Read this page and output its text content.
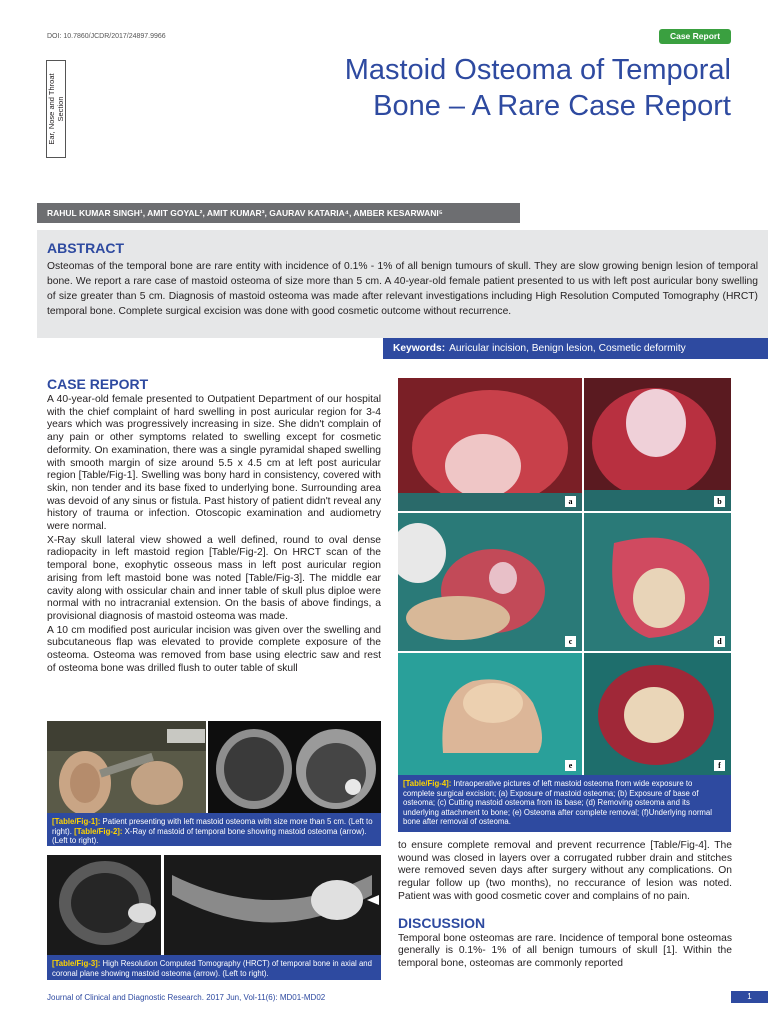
DOI: 10.7860/JCDR/2017/24897.9966	Case Report
Ear, Nose and Throat Section
Mastoid Osteoma of Temporal
Bone – A Rare Case Report
RAHUL KUMAR SINGH¹, AMIT GOYAL², AMIT KUMAR³, GAURAV KATARIA⁴, AMBER KESARWANI⁵
ABSTRACT
Osteomas of the temporal bone are rare entity with incidence of 0.1% - 1% of all benign tumours of skull. They are slow growing benign lesion of temporal bone. We report a rare case of mastoid osteoma of size more than 5 cm. A 40-year-old female patient presented to us with left post auricular bony swelling of size greater than 5 cm. Diagnosis of mastoid osteoma was made after relevant investigations including High Resolution Computed Tomography (HRCT) temporal bone. Complete surgical excision was done with good cosmetic outcome without recurrence.
Keywords: Auricular incision, Benign lesion, Cosmetic deformity
CASE REPORT

A 40-year-old female presented to Outpatient Department of our hospital with the chief complaint of hard swelling in post auricular region for 3-4 years which was progressively increasing in size. She didn't complain of any pain or other symptoms related to swelling except for cosmetic deformity. On examination, there was a single pyramidal shaped swelling with smooth margin of size around 5.5 x 4.5 cm at left post auricular region [Table/Fig-1]. Swelling was bony hard in consistency, covered with skin, non tender and its base fixed to underlying bone. Surrounding area was devoid of any sinus or fistula. Past history of patient didn't reveal any history of trauma or infection. Otoscopic examination and audiometry were normal.

X-Ray skull lateral view showed a well defined, round to oval dense radiopacity in left mastoid region [Table/Fig-2]. On HRCT scan of the temporal bone, exophytic osseous mass in left post auricular region arising from left mastoid bone was noted [Table/Fig-3]. The middle ear cavity along with ossicular chain and inner table of skull plus diploe were normal with no intracranial extension. On the basis of above findings, a provisional diagnosis of mastoid osteoma was made.

A 10 cm modified post auricular incision was given over the swelling and subcutaneous flap was elevated to provide complete exposure of the osteoma. Osteoma was removed from base using electric saw and rest of osteoma bone was drilled flush to outer table of skull

[Table/Fig-1]: Patient presenting with left mastoid osteoma with size more than 5 cm. (Left to right). [Table/Fig-2]: X-Ray of mastoid of temporal bone showing mastoid osteoma (arrow). (Left to right).
[Table/Fig-3]: High Resolution Computed Tomography (HRCT) of temporal bone in axial and coronal plane showing mastoid osteoma (arrow). (Left to right).
a	b
c	d
e	f
[Table/Fig-4]: Intraoperative pictures of left mastoid osteoma from wide exposure to complete surgical excision; (a) Exposure of mastoid osteoma; (b) Exposure of base of osteoma; (c) Cutting mastoid osteoma from its base; (d) Removing osteoma and its underlying attachment to bone; (e) Osteoma after complete removal; (f)Underlying normal bone after removal of osteoma.

to ensure complete removal and prevent recurrence [Table/Fig-4]. The wound was closed in layers over a corrugated rubber drain and stitches were removed seven days after surgery without any complications. On regular follow up (two months), no reccurance of lesion was noted. Patient was with good cosmetic cover and complains of no pain.

DISCUSSION

Temporal bone osteomas are rare. Incidence of temporal bone osteomas generally is 0.1%- 1% of all benign tumours of skull [1]. Within the temporal bone, osteomas are commonly reported

Journal of Clinical and Diagnostic Research. 2017 Jun, Vol-11(6): MD01-MD02	1
